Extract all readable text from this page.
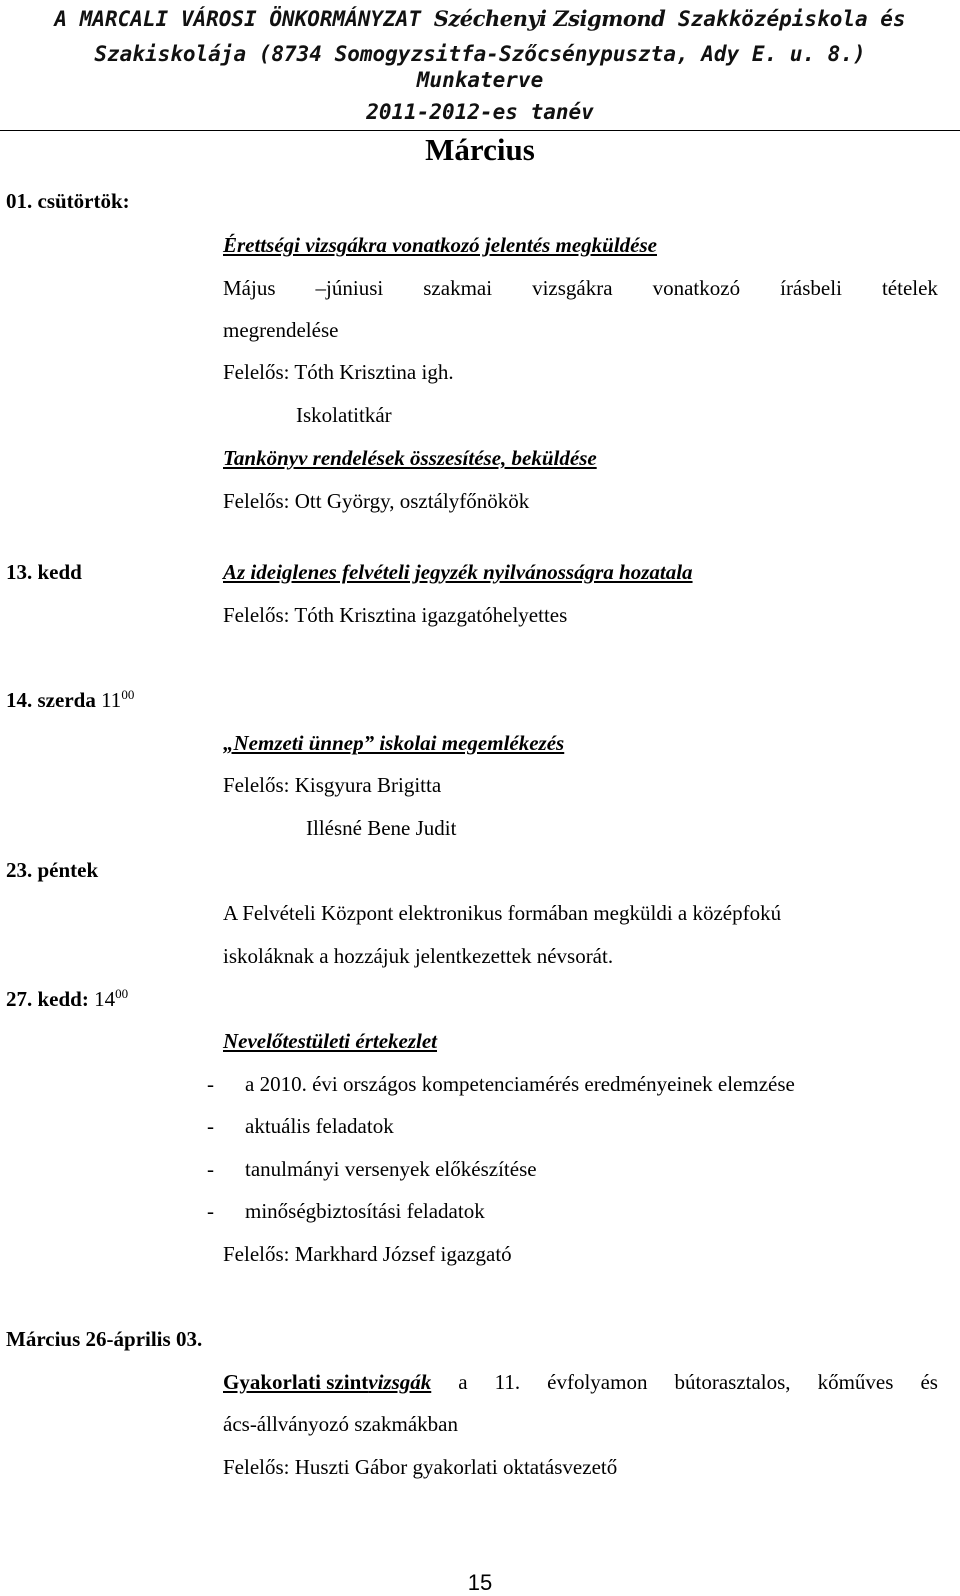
A MARCALI VÁROSI ÖNKORMÁNYZAT Széchenyi Zsigmond Szakközépiskola és
Szakiskolája (8734 Somogyzsitfa-Szőcsénypuszta, Ady E. u. 8.)
Munkaterve
2011-2012-es tanév
Március
01. csütörtök:
Érettségi vizsgákra vonatkozó jelentés megküldése
Május –júniusi szakmai vizsgákra vonatkozó írásbeli tételek
megrendelése
Felelős: Tóth Krisztina igh.
Iskolatitkár
Tankönyv rendelések összesítése, beküldése
Felelős: Ott György, osztályfőnökök
13. kedd	Az ideiglenes felvételi jegyzék nyilvánosságra hozatala
Felelős: Tóth Krisztina igazgatóhelyettes
14. szerda $11^{00}$
„Nemzeti ünnep” iskolai megemlékezés
Felelős: Kisgyura Brigitta
Illésné Bene Judit
23. péntek
A Felvételi Központ elektronikus formában megküldi a középfokú
iskoláknak a hozzájuk jelentkezettek névsorát.
27. kedd: $14^{00}$
Nevelőtestületi értekezlet
- a 2010. évi országos kompetenciamérés eredményeinek elemzése
- aktuális feladatok
- tanulmányi versenyek előkészítése
- minőségbiztosítási feladatok
Felelős: Markhard József igazgató
Március 26-április 03.
Gyakorlati szintvizsgák a 11. évfolyamon bútorasztalos, kőműves és
ács-állványozó szakmákban
Felelős: Huszti Gábor gyakorlati oktatásvezető
15
